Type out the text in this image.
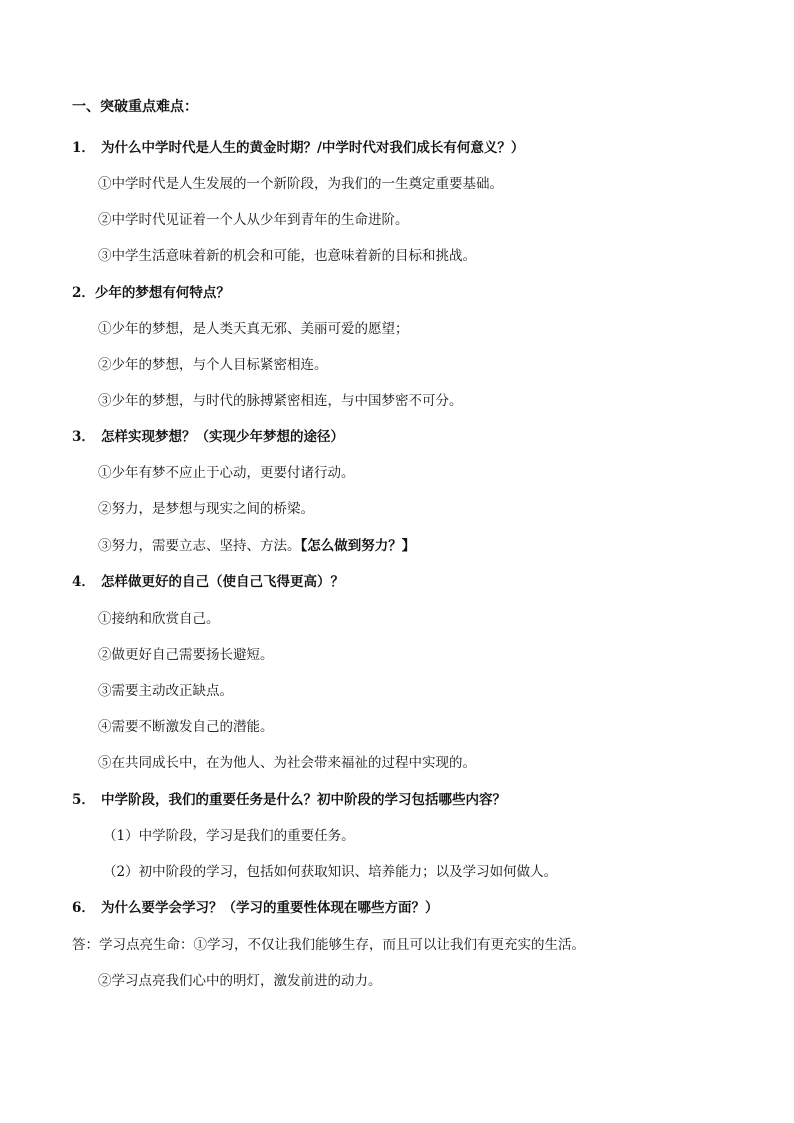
一、突破重点难点：
1． 为什么中学时代是人生的黄金时期？/中学时代对我们成长有何意义？）
①中学时代是人生发展的一个新阶段，为我们的一生奠定重要基础。
②中学时代见证着一个人从少年到青年的生命进阶。
③中学生活意味着新的机会和可能，也意味着新的目标和挑战。
2．少年的梦想有何特点？
①少年的梦想，是人类天真无邪、美丽可爱的愿望；
②少年的梦想，与个人目标紧密相连。
③少年的梦想，与时代的脉搏紧密相连，与中国梦密不可分。
3． 怎样实现梦想？（实现少年梦想的途径）
①少年有梦不应止于心动，更要付诸行动。
②努力，是梦想与现实之间的桥梁。
③努力，需要立志、坚持、方法。【怎么做到努力？】
4． 怎样做更好的自己（使自己飞得更高）？
①接纳和欣赏自己。
②做更好自己需要扬长避短。
③需要主动改正缺点。
④需要不断激发自己的潜能。
⑤在共同成长中，在为他人、为社会带来福祉的过程中实现的。
5． 中学阶段，我们的重要任务是什么？初中阶段的学习包括哪些内容？
（1）中学阶段，学习是我们的重要任务。
（2）初中阶段的学习，包括如何获取知识、培养能力；以及学习如何做人。
6． 为什么要学会学习？（学习的重要性体现在哪些方面？）
答：学习点亮生命：①学习，不仅让我们能够生存，而且可以让我们有更充实的生活。
②学习点亮我们心中的明灯，激发前进的动力。
